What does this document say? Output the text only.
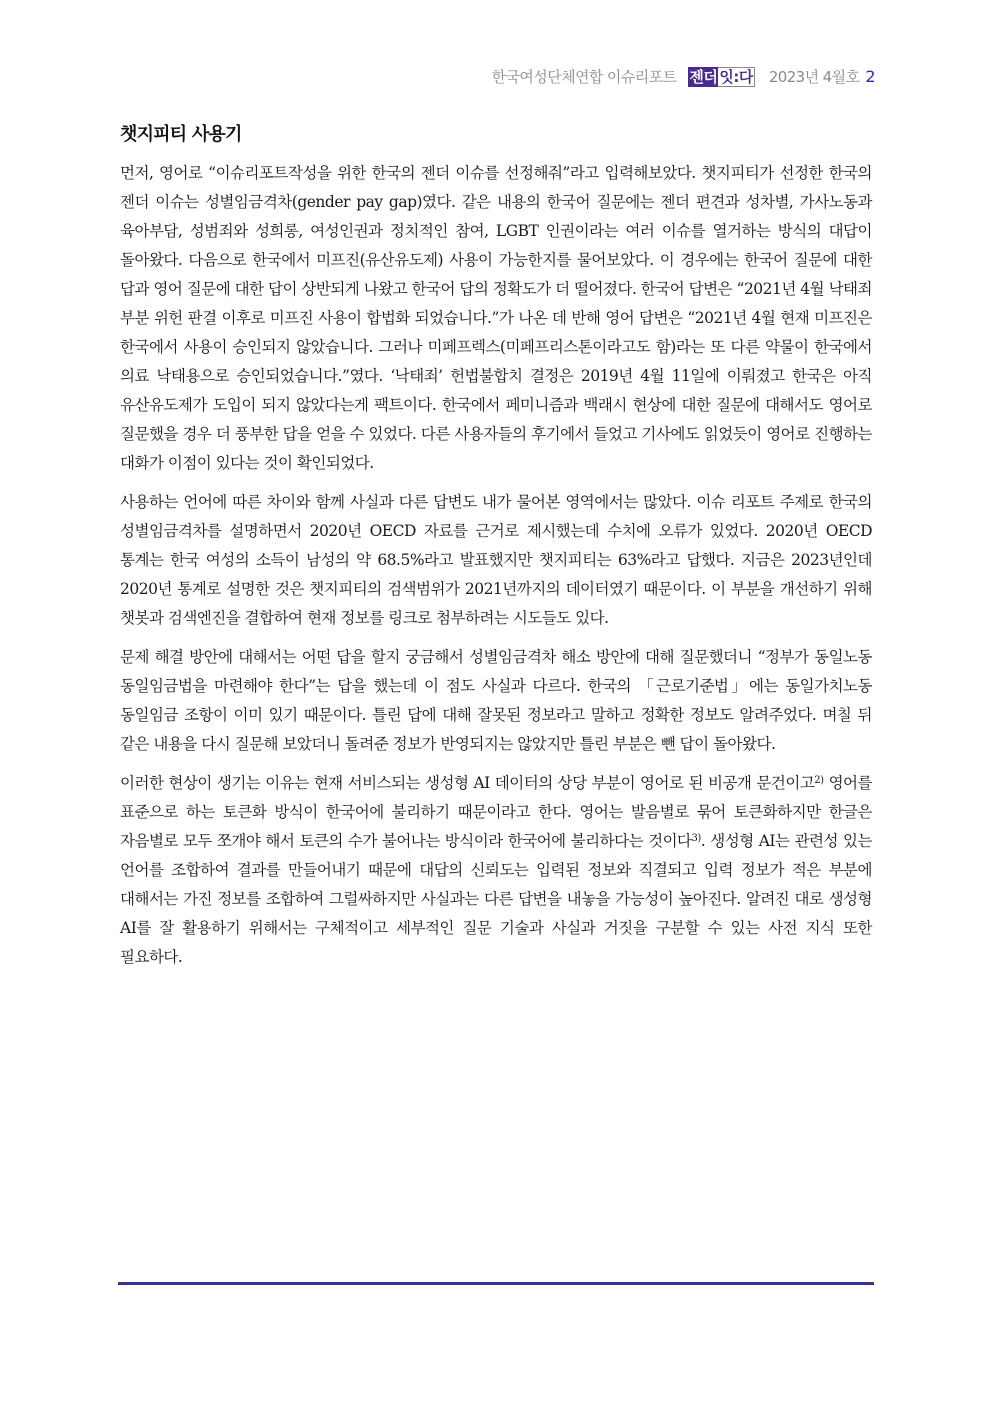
한국여성단체연합 이슈리포트 젠더 잇:다 2023년 4월호 2
챗지피티 사용기

먼저, 영어로 “이슈리포트작성을 위한 한국의 젠더 이슈를 선정해줘”라고 입력해보았다. 챗지피티가 선정한 한국의 젠더 이슈는 성별임금격차(gender pay gap)였다. 같은 내용의 한국어 질문에는 젠더 편견과 성차별, 가사노동과 육아부담, 성범죄와 성희롱, 여성인권과 정치적인 참여, LGBT 인권이라는 여러 이슈를 열거하는 방식의 대답이 돌아왔다. 다음으로 한국에서 미프진(유산유도제) 사용이 가능한지를 물어보았다. 이 경우에는 한국어 질문에 대한 답과 영어 질문에 대한 답이 상반되게 나왔고 한국어 답의 정확도가 더 떨어졌다. 한국어 답변은 “2021년 4월 낙태죄 부분 위헌 판결 이후로 미프진 사용이 합법화 되었습니다.”가 나온 데 반해 영어 답변은 “2021년 4월 현재 미프진은 한국에서 사용이 승인되지 않았습니다. 그러나 미페프렉스(미페프리스톤이라고도 함)라는 또 다른 약물이 한국에서 의료 낙태용으로 승인되었습니다.”였다. ‘낙태죄’ 헌법불합치 결정은 2019년 4월 11일에 이뤄졌고 한국은 아직 유산유도제가 도입이 되지 않았다는게 팩트이다. 한국에서 페미니즘과 백래시 현상에 대한 질문에 대해서도 영어로 질문했을 경우 더 풍부한 답을 얻을 수 있었다. 다른 사용자들의 후기에서 들었고 기사에도 읽었듯이 영어로 진행하는 대화가 이점이 있다는 것이 확인되었다.

사용하는 언어에 따른 차이와 함께 사실과 다른 답변도 내가 물어본 영역에서는 많았다. 이슈 리포트 주제로 한국의 성별임금격차를 설명하면서 2020년 OECD 자료를 근거로 제시했는데 수치에 오류가 있었다. 2020년 OECD 통계는 한국 여성의 소득이 남성의 약 68.5%라고 발표했지만 챗지피티는 63%라고 답했다. 지금은 2023년인데 2020년 통계로 설명한 것은 챗지피티의 검색범위가 2021년까지의 데이터였기 때문이다. 이 부분을 개선하기 위해 챗봇과 검색엔진을 결합하여 현재 정보를 링크로 첨부하려는 시도들도 있다.

문제 해결 방안에 대해서는 어떤 답을 할지 궁금해서 성별임금격차 해소 방안에 대해 질문했더니 “정부가 동일노동 동일임금법을 마련해야 한다”는 답을 했는데 이 점도 사실과 다르다. 한국의 「근로기준법」에는 동일가치노동 동일임금 조항이 이미 있기 때문이다. 틀린 답에 대해 잘못된 정보라고 말하고 정확한 정보도 알려주었다. 며칠 뒤 같은 내용을 다시 질문해 보았더니 돌려준 정보가 반영되지는 않았지만 틀린 부분은 뺀 답이 돌아왔다.

이러한 현상이 생기는 이유는 현재 서비스되는 생성형 AI 데이터의 상당 부분이 영어로 된 비공개 문건이고$^{2)}$ 영어를 표준으로 하는 토큰화 방식이 한국어에 불리하기 때문이라고 한다. 영어는 발음별로 묶어 토큰화하지만 한글은 자음별로 모두 쪼개야 해서 토큰의 수가 불어나는 방식이라 한국어에 불리하다는 것이다$^{3)}$. 생성형 AI는 관련성 있는 언어를 조합하여 결과를 만들어내기 때문에 대답의 신뢰도는 입력된 정보와 직결되고 입력 정보가 적은 부분에 대해서는 가진 정보를 조합하여 그럴싸하지만 사실과는 다른 답변을 내놓을 가능성이 높아진다. 알려진 대로 생성형 AI를 잘 활용하기 위해서는 구체적이고 세부적인 질문 기술과 사실과 거짓을 구분할 수 있는 사전 지식 또한 필요하다.
